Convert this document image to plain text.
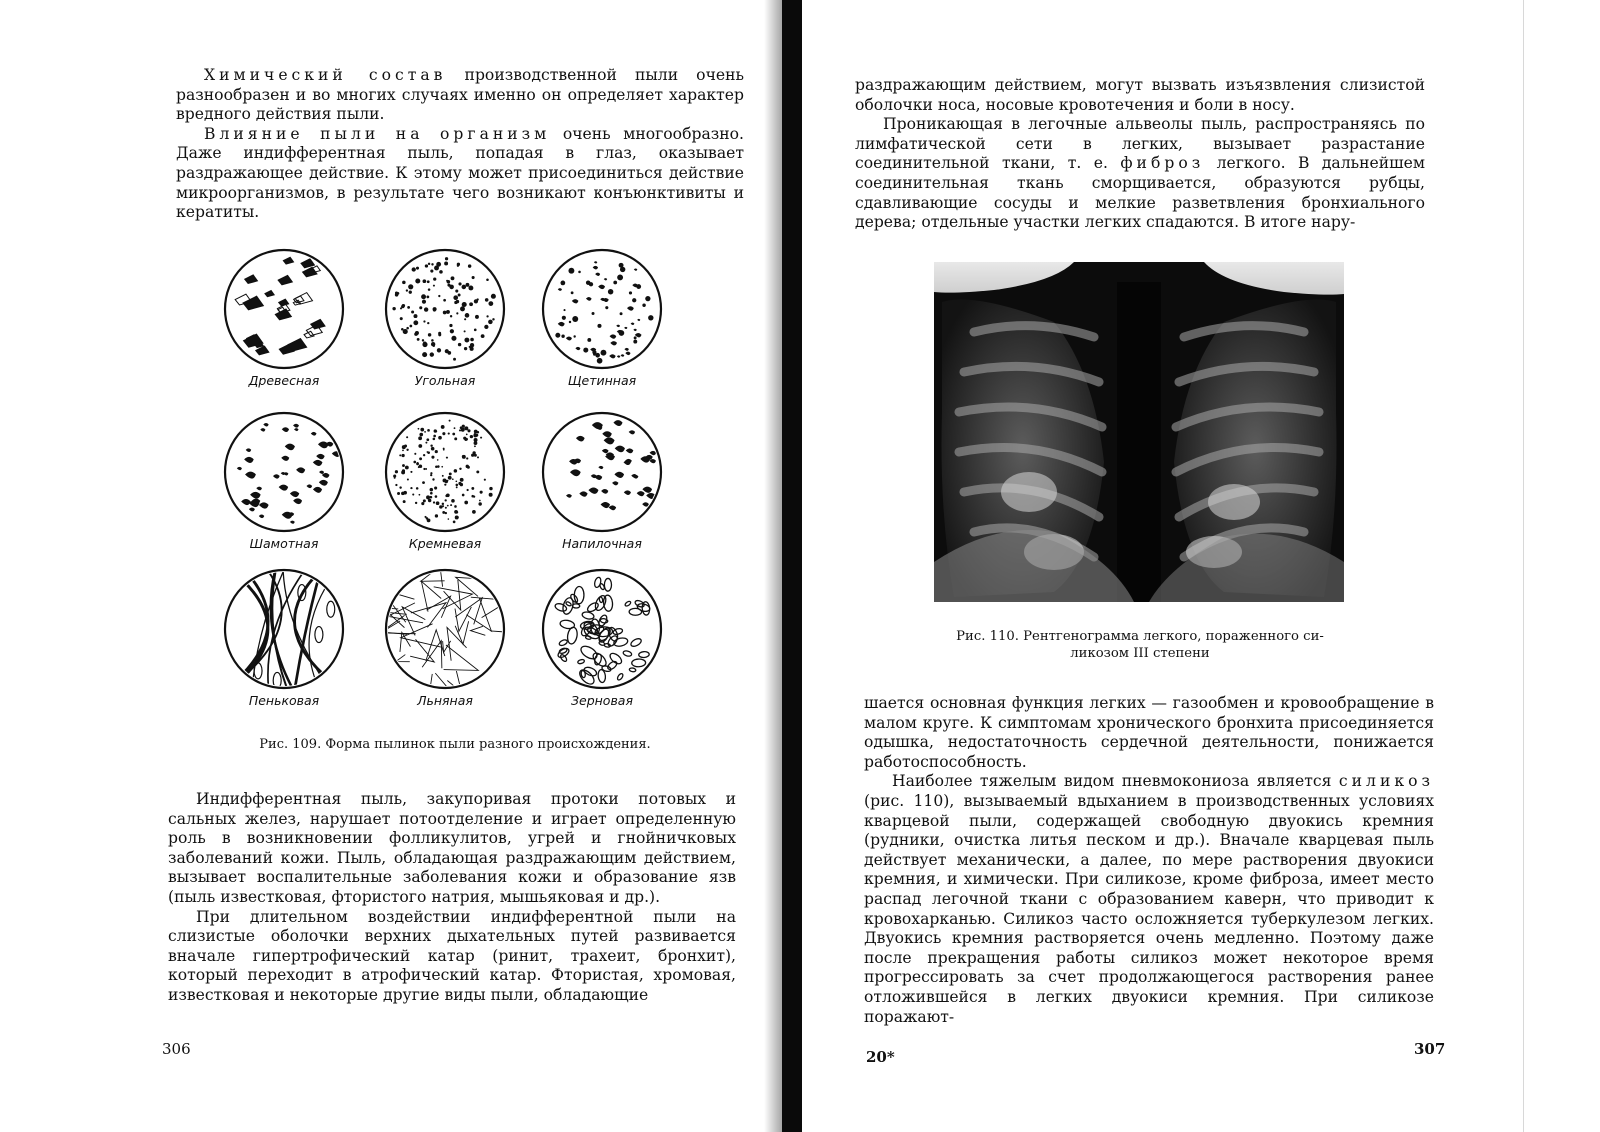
Химический состав производственной пыли очень разнообразен и во многих случаях именно он определяет характер вредного действия пыли.

Влияние пыли на организм очень многообразно. Даже индифферентная пыль, попадая в глаз, оказывает раздражающее действие. К этому может присоединиться действие микроорганизмов, в результате чего возникают конъюнктивиты и кератиты.

Древесная	Угольная	Щетинная
Шамотная	Кремневая	Напилочная
Пеньковая	Льняная	Зерновая
Рис. 109. Форма пылинок пыли разного происхождения.

Индифферентная пыль, закупоривая протоки потовых и сальных желез, нарушает потоотделение и играет определенную роль в возникновении фолликулитов, угрей и гнойничковых заболеваний кожи. Пыль, обладающая раздражающим действием, вызывает воспалительные заболевания кожи и образование язв (пыль известковая, фтористого натрия, мышьяковая и др.).

При длительном воздействии индифферентной пыли на слизистые оболочки верхних дыхательных путей развивается вначале гипертрофический катар (ринит, трахеит, бронхит), который переходит в атрофический катар. Фтористая, хромовая, известковая и некоторые другие виды пыли, обладающие

306

раздражающим действием, могут вызвать изъязвления слизистой оболочки носа, носовые кровотечения и боли в носу.

Проникающая в легочные альвеолы пыль, распространяясь по лимфатической сети в легких, вызывает разрастание соединительной ткани, т. е. фиброз легкого. В дальнейшем соединительная ткань сморщивается, образуются рубцы, сдавливающие сосуды и мелкие разветвления бронхиального дерева; отдельные участки легких спадаются. В итоге нару-

Рис. 110. Рентгенограмма легкого, пораженного си-
ликозом III степени

шается основная функция легких — газообмен и кровообращение в малом круге. К симптомам хронического бронхита присоединяется одышка, недостаточность сердечной деятельности, понижается работоспособность.

Наиболее тяжелым видом пневмокониоза является силикоз (рис. 110), вызываемый вдыханием в производственных условиях кварцевой пыли, содержащей свободную двуокись кремния (рудники, очистка литья песком и др.). Вначале кварцевая пыль действует механически, а далее, по мере растворения двуокиси кремния, и химически. При силикозе, кроме фиброза, имеет место распад легочной ткани с образованием каверн, что приводит к кровохарканью. Силикоз часто осложняется туберкулезом легких. Двуокись кремния растворяется очень медленно. Поэтому даже после прекращения работы силикоз может некоторое время прогрессировать за счет продолжающегося растворения ранее отложившейся в легких двуокиси кремния. При силикозе поражают-

20*	307
